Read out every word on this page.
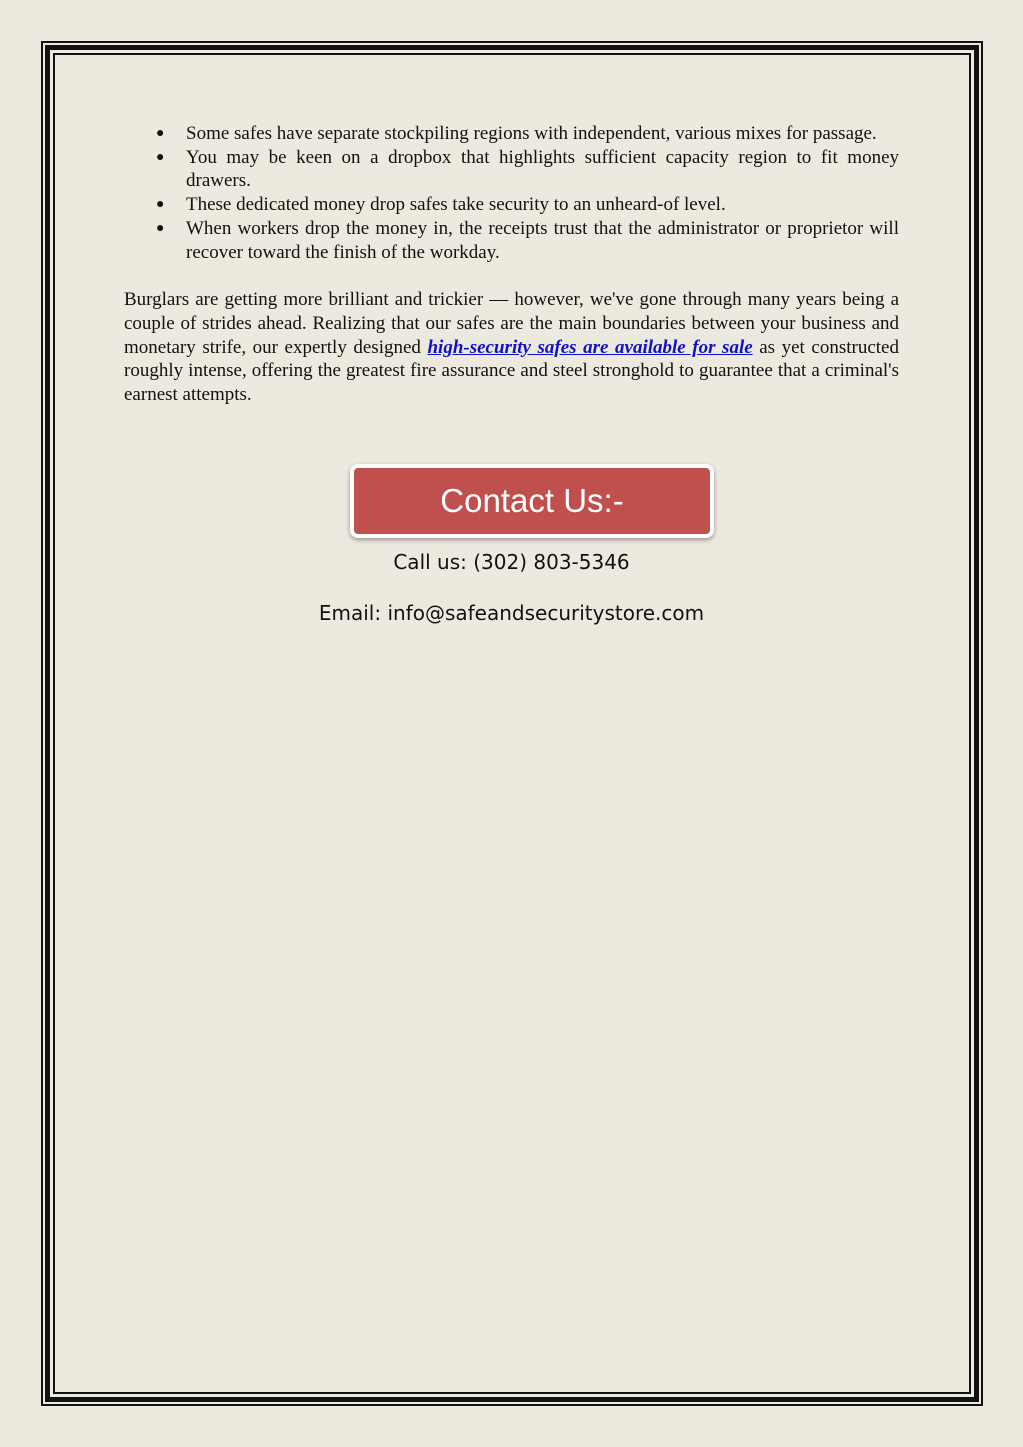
● Some safes have separate stockpiling regions with independent, various mixes for passage.
● You may be keen on a dropbox that highlights sufficient capacity region to fit money drawers.
● These dedicated money drop safes take security to an unheard-of level.
● When workers drop the money in, the receipts trust that the administrator or proprietor will recover toward the finish of the workday.

Burglars are getting more brilliant and trickier — however, we've gone through many years being a couple of strides ahead. Realizing that our safes are the main boundaries between your business and monetary strife, our expertly designed high-security safes are available for sale as yet constructed roughly intense, offering the greatest fire assurance and steel stronghold to guarantee that a criminal's earnest attempts.

Contact Us:-
Call us: (302) 803-5346
Email: info@safeandsecuritystore.com
